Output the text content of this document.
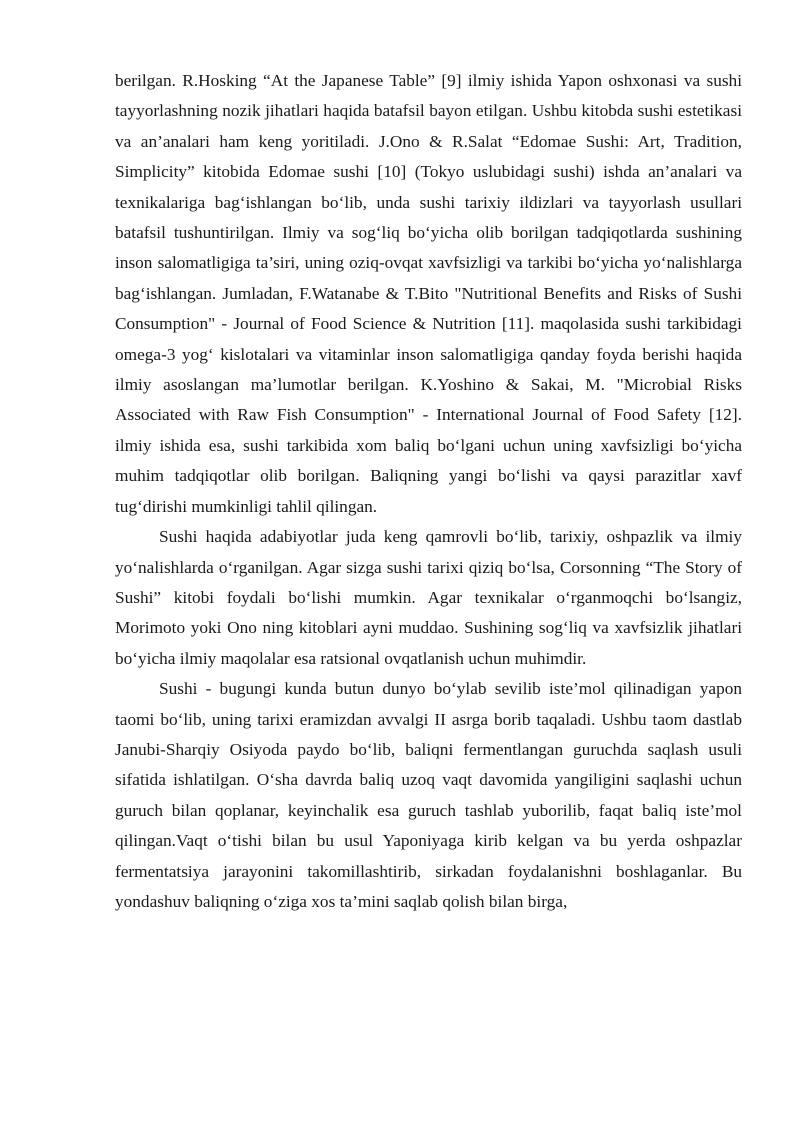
berilgan. R.Hosking “At the Japanese Table” [9] ilmiy ishida Yapon oshxonasi va sushi tayyorlashning nozik jihatlari haqida batafsil bayon etilgan. Ushbu kitobda sushi estetikasi va an’analari ham keng yoritiladi. J.Ono & R.Salat “Edomae Sushi: Art, Tradition, Simplicity” kitobida Edomae sushi [10] (Tokyo uslubidagi sushi) ishda an’analari va texnikalariga bag‘ishlangan bo‘lib, unda sushi tarixiy ildizlari va tayyorlash usullari batafsil tushuntirilgan. Ilmiy va sog‘liq bo‘yicha olib borilgan tadqiqotlarda sushining inson salomatligiga ta’siri, uning oziq-ovqat xavfsizligi va tarkibi bo‘yicha yo‘nalishlarga bag‘ishlangan. Jumladan, F.Watanabe & T.Bito "Nutritional Benefits and Risks of Sushi Consumption" - Journal of Food Science & Nutrition [11]. maqolasida sushi tarkibidagi omega-3 yog‘ kislotalari va vitaminlar inson salomatligiga qanday foyda berishi haqida ilmiy asoslangan ma’lumotlar berilgan. K.Yoshino & Sakai, M. "Microbial Risks Associated with Raw Fish Consumption" - International Journal of Food Safety [12]. ilmiy ishida esa, sushi tarkibida xom baliq bo‘lgani uchun uning xavfsizligi bo‘yicha muhim tadqiqotlar olib borilgan. Baliqning yangi bo‘lishi va qaysi parazitlar xavf tug‘dirishi mumkinligi tahlil qilingan.

Sushi haqida adabiyotlar juda keng qamrovli bo‘lib, tarixiy, oshpazlik va ilmiy yo‘nalishlarda o‘rganilgan. Agar sizga sushi tarixi qiziq bo‘lsa, Corsonning “The Story of Sushi” kitobi foydali bo‘lishi mumkin. Agar texnikalar o‘rganmoqchi bo‘lsangiz, Morimoto yoki Ono ning kitoblari ayni muddao. Sushining sog‘liq va xavfsizlik jihatlari bo‘yicha ilmiy maqolalar esa ratsional ovqatlanish uchun muhimdir.

Sushi - bugungi kunda butun dunyo bo‘ylab sevilib iste’mol qilinadigan yapon taomi bo‘lib, uning tarixi eramizdan avvalgi II asrga borib taqaladi. Ushbu taom dastlab Janubi-Sharqiy Osiyoda paydo bo‘lib, baliqni fermentlangan guruchda saqlash usuli sifatida ishlatilgan. O‘sha davrda baliq uzoq vaqt davomida yangiligini saqlashi uchun guruch bilan qoplanar, keyinchalik esa guruch tashlab yuborilib, faqat baliq iste’mol qilingan.Vaqt o‘tishi bilan bu usul Yaponiyaga kirib kelgan va bu yerda oshpazlar fermentatsiya jarayonini takomillashtirib, sirkadan foydalanishni boshlaganlar. Bu yondashuv baliqning o‘ziga xos ta’mini saqlab qolish bilan birga,
